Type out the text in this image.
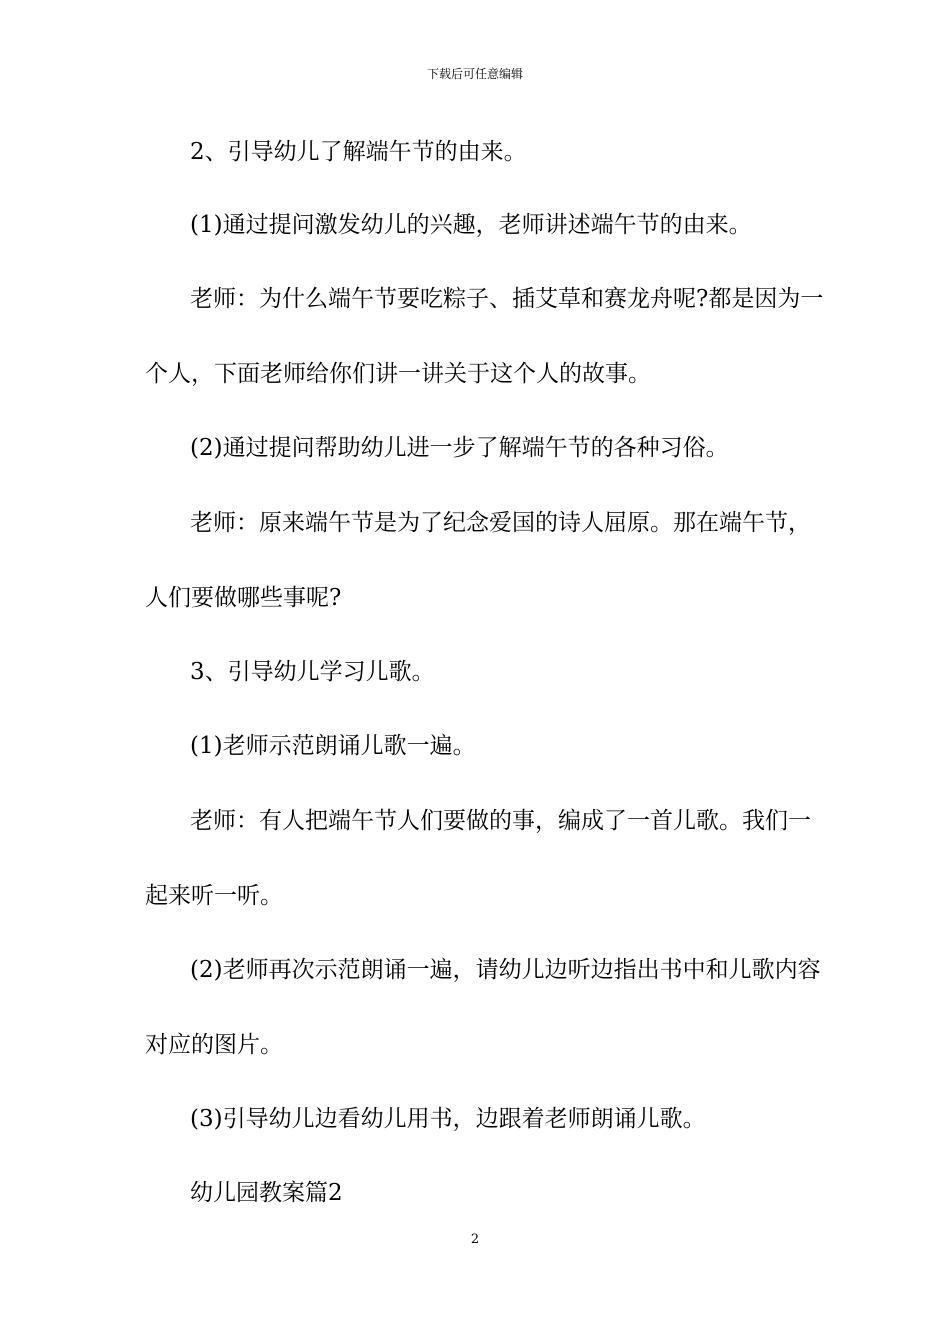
下载后可任意编辑
2、引导幼儿了解端午节的由来。
(1)通过提问激发幼儿的兴趣，老师讲述端午节的由来。
老师：为什么端午节要吃粽子、插艾草和赛龙舟呢?都是因为一
个人，下面老师给你们讲一讲关于这个人的故事。
(2)通过提问帮助幼儿进一步了解端午节的各种习俗。
老师：原来端午节是为了纪念爱国的诗人屈原。那在端午节，
人们要做哪些事呢?
3、引导幼儿学习儿歌。
(1)老师示范朗诵儿歌一遍。
老师：有人把端午节人们要做的事，编成了一首儿歌。我们一
起来听一听。
(2)老师再次示范朗诵一遍，请幼儿边听边指出书中和儿歌内容
对应的图片。
(3)引导幼儿边看幼儿用书，边跟着老师朗诵儿歌。
幼儿园教案篇2
2
